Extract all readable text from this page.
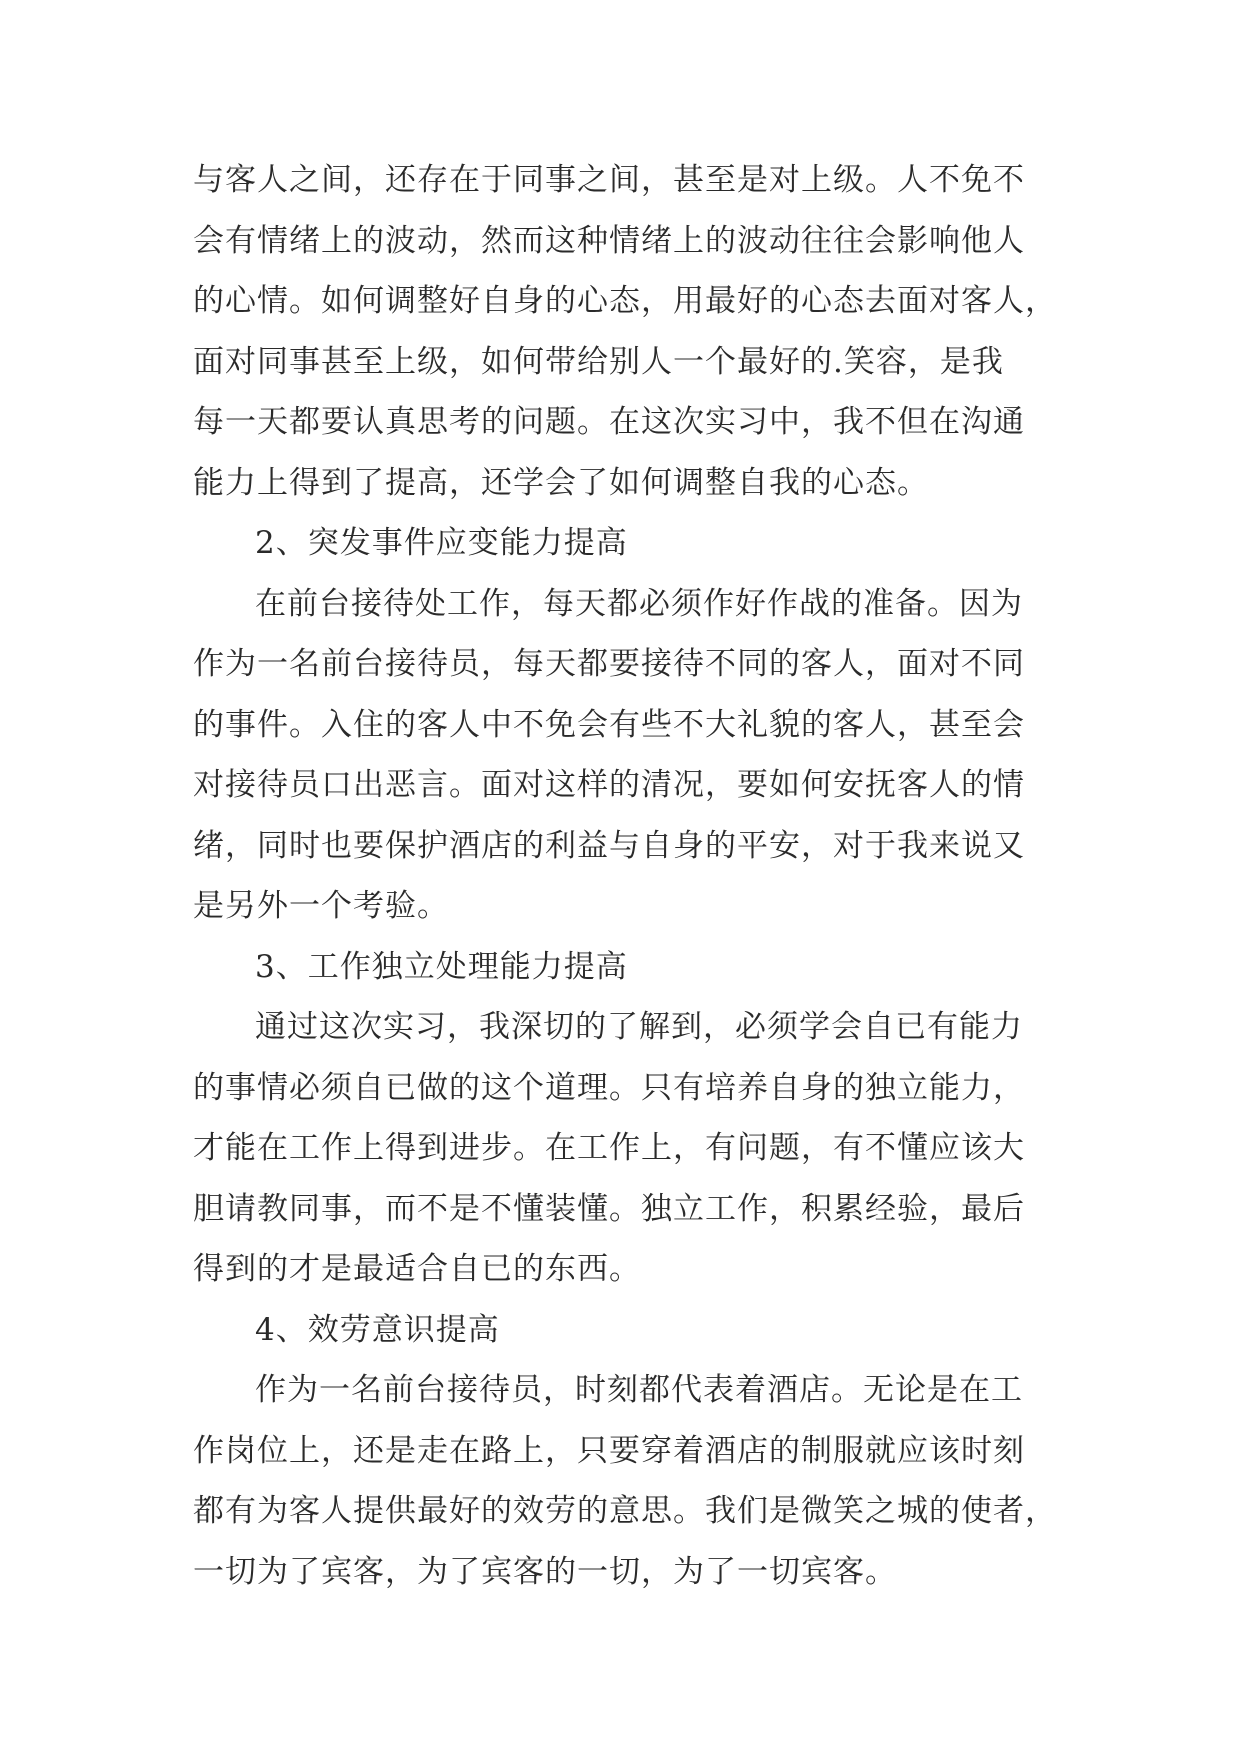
与客人之间，还存在于同事之间，甚至是对上级。人不免不
会有情绪上的波动，然而这种情绪上的波动往往会影响他人
的心情。如何调整好自身的心态，用最好的心态去面对客人，
面对同事甚至上级，如何带给别人一个最好的.笑容，是我
每一天都要认真思考的问题。在这次实习中，我不但在沟通
能力上得到了提高，还学会了如何调整自我的心态。
2、突发事件应变能力提高
在前台接待处工作，每天都必须作好作战的准备。因为
作为一名前台接待员，每天都要接待不同的客人，面对不同
的事件。入住的客人中不免会有些不大礼貌的客人，甚至会
对接待员口出恶言。面对这样的清况，要如何安抚客人的情
绪，同时也要保护酒店的利益与自身的平安，对于我来说又
是另外一个考验。
3、工作独立处理能力提高
通过这次实习，我深切的了解到，必须学会自已有能力
的事情必须自已做的这个道理。只有培养自身的独立能力，
才能在工作上得到进步。在工作上，有问题，有不懂应该大
胆请教同事，而不是不懂装懂。独立工作，积累经验，最后
得到的才是最适合自已的东西。
4、效劳意识提高
作为一名前台接待员，时刻都代表着酒店。无论是在工
作岗位上，还是走在路上，只要穿着酒店的制服就应该时刻
都有为客人提供最好的效劳的意思。我们是微笑之城的使者，
一切为了宾客，为了宾客的一切，为了一切宾客。
